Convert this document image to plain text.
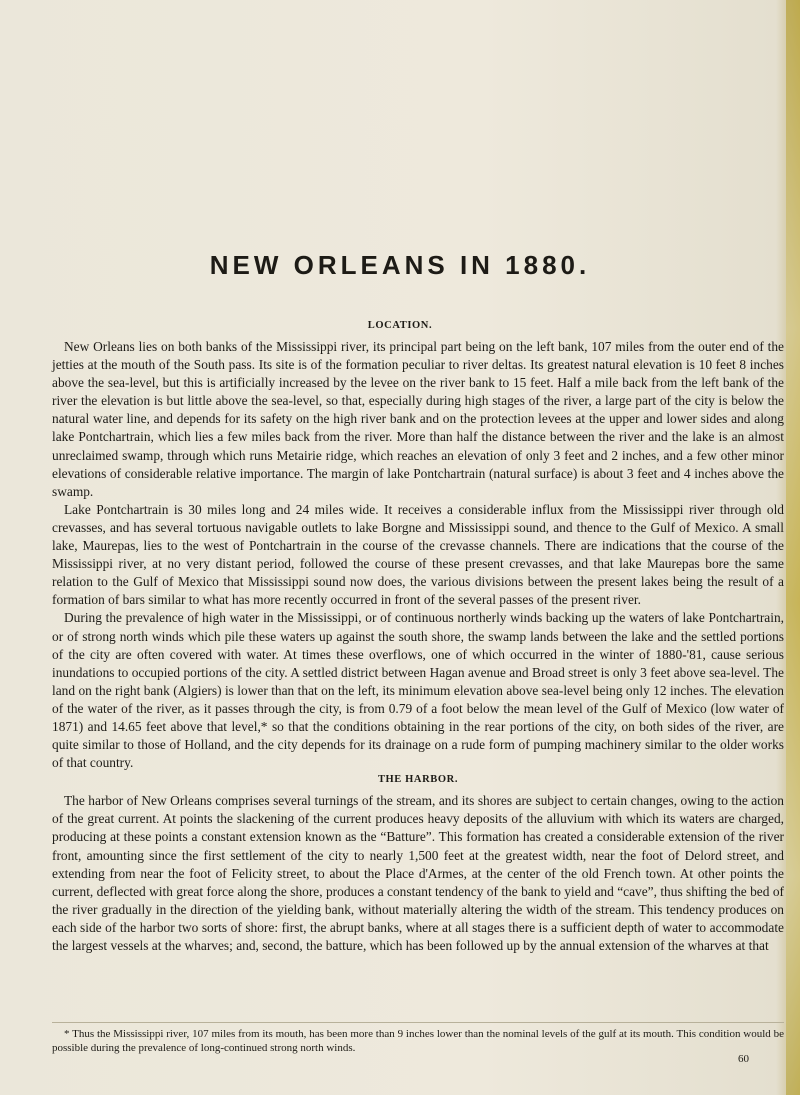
NEW ORLEANS IN 1880.
LOCATION.

New Orleans lies on both banks of the Mississippi river, its principal part being on the left bank, 107 miles from the outer end of the jetties at the mouth of the South pass. Its site is of the formation peculiar to river deltas. Its greatest natural elevation is 10 feet 8 inches above the sea-level, but this is artificially increased by the levee on the river bank to 15 feet. Half a mile back from the left bank of the river the elevation is but little above the sea-level, so that, especially during high stages of the river, a large part of the city is below the natural water line, and depends for its safety on the high river bank and on the protection levees at the upper and lower sides and along lake Pontchartrain, which lies a few miles back from the river. More than half the distance between the river and the lake is an almost unreclaimed swamp, through which runs Metairie ridge, which reaches an elevation of only 3 feet and 2 inches, and a few other minor elevations of considerable relative importance. The margin of lake Pontchartrain (natural surface) is about 3 feet and 4 inches above the swamp.

Lake Pontchartrain is 30 miles long and 24 miles wide. It receives a considerable influx from the Mississippi river through old crevasses, and has several tortuous navigable outlets to lake Borgne and Mississippi sound, and thence to the Gulf of Mexico. A small lake, Maurepas, lies to the west of Pontchartrain in the course of the crevasse channels. There are indications that the course of the Mississippi river, at no very distant period, followed the course of these present crevasses, and that lake Maurepas bore the same relation to the Gulf of Mexico that Mississippi sound now does, the various divisions between the present lakes being the result of a formation of bars similar to what has more recently occurred in front of the several passes of the present river.

During the prevalence of high water in the Mississippi, or of continuous northerly winds backing up the waters of lake Pontchartrain, or of strong north winds which pile these waters up against the south shore, the swamp lands between the lake and the settled portions of the city are often covered with water. At times these overflows, one of which occurred in the winter of 1880-'81, cause serious inundations to occupied portions of the city. A settled district between Hagan avenue and Broad street is only 3 feet above sea-level. The land on the right bank (Algiers) is lower than that on the left, its minimum elevation above sea-level being only 12 inches. The elevation of the water of the river, as it passes through the city, is from 0.79 of a foot below the mean level of the Gulf of Mexico (low water of 1871) and 14.65 feet above that level,* so that the conditions obtaining in the rear portions of the city, on both sides of the river, are quite similar to those of Holland, and the city depends for its drainage on a rude form of pumping machinery similar to the older works of that country.

THE HARBOR.

The harbor of New Orleans comprises several turnings of the stream, and its shores are subject to certain changes, owing to the action of the great current. At points the slackening of the current produces heavy deposits of the alluvium with which its waters are charged, producing at these points a constant extension known as the “Batture”. This formation has created a considerable extension of the river front, amounting since the first settlement of the city to nearly 1,500 feet at the greatest width, near the foot of Delord street, and extending from near the foot of Felicity street, to about the Place d'Armes, at the center of the old French town. At other points the current, deflected with great force along the shore, produces a constant tendency of the bank to yield and “cave”, thus shifting the bed of the river gradually in the direction of the yielding bank, without materially altering the width of the stream. This tendency produces on each side of the harbor two sorts of shore: first, the abrupt banks, where at all stages there is a sufficient depth of water to accommodate the largest vessels at the wharves; and, second, the batture, which has been followed up by the annual extension of the wharves at that

* Thus the Mississippi river, 107 miles from its mouth, has been more than 9 inches lower than the nominal levels of the gulf at its mouth. This condition would be possible during the prevalence of long-continued strong north winds.

60
